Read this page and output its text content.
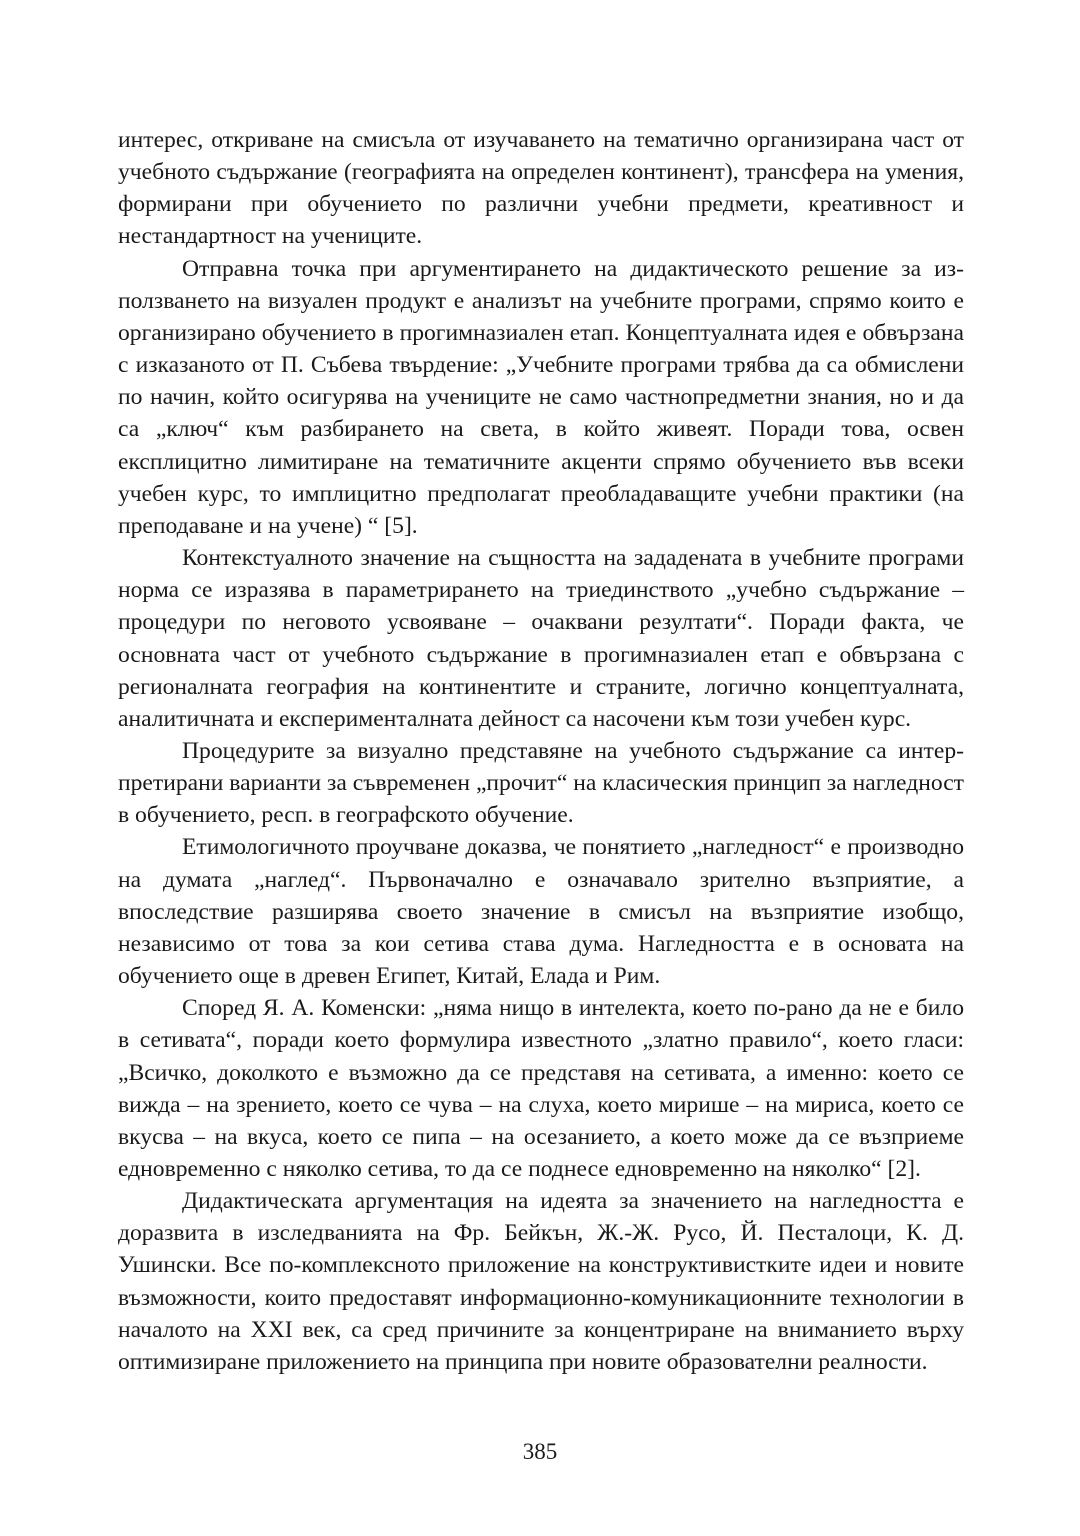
интерес, откриване на смисъла от изучаването на тематично организирана част от учебното съдържание (географията на определен континент), трансфера на умения, формирани при обучението по различни учебни предмети, креативност и нестандартност на учениците.

Отправна точка при аргументирането на дидактическото решение за използването на визуален продукт е анализът на учебните програми, спрямо които е организирано обучението в прогимназиален етап. Концептуалната идея е обвързана с изказаното от П. Събева твърдение: „Учебните програми трябва да са обмислени по начин, който осигурява на учениците не само частнопредметни знания, но и да са „ключ“ към разбирането на света, в който живеят. Поради това, освен експлицитно лимитиране на тематичните акценти спрямо обучението във всеки учебен курс, то имплицитно предполагат преобладаващите учебни практики (на преподаване и на учене) “ [5].

Контекстуалното значение на същността на зададената в учебните програми норма се изразява в параметрирането на триединството „учебно съдържание – процедури по неговото усвояване – очаквани резултати“. Поради факта, че основната част от учебното съдържание в прогимназиален етап е обвързана с регионалната география на континентите и страните, логично концептуалната, аналитичната и експерименталната дейност са насочени към този учебен курс.

Процедурите за визуално представяне на учебното съдържание са интерпретирани варианти за съвременен „прочит“ на класическия принцип за нагледност в обучението, респ. в географското обучение.

Етимологичното проучване доказва, че понятието „нагледност“ е производно на думата „наглед“. Първоначално е означавало зрително възприятие, а впоследствие разширява своето значение в смисъл на възприятие изобщо, независимо от това за кои сетива става дума. Нагледността е в основата на обучението още в древен Египет, Китай, Елада и Рим.

Според Я. А. Коменски: „няма нищо в интелекта, което по-рано да не е било в сетивата“, поради което формулира известното „златно правило“, което гласи: „Всичко, доколкото е възможно да се представя на сетивата, а именно: което се вижда – на зрението, което се чува – на слуха, което мирише – на мириса, което се вкусва – на вкуса, което се пипа – на осезанието, а което може да се възприеме едновременно с няколко сетива, то да се поднесе едновременно на няколко“ [2].

Дидактическата аргументация на идеята за значението на нагледността е доразвита в изследванията на Фр. Бейкън, Ж.-Ж. Русо, Й. Песталоци, К. Д. Ушински. Все по-комплексното приложение на конструктивистките идеи и новите възможности, които предоставят информационно-комуникационните технологии в началото на XXI век, са сред причините за концентриране на вниманието върху оптимизиране приложението на принципа при новите образователни реалности.

385
